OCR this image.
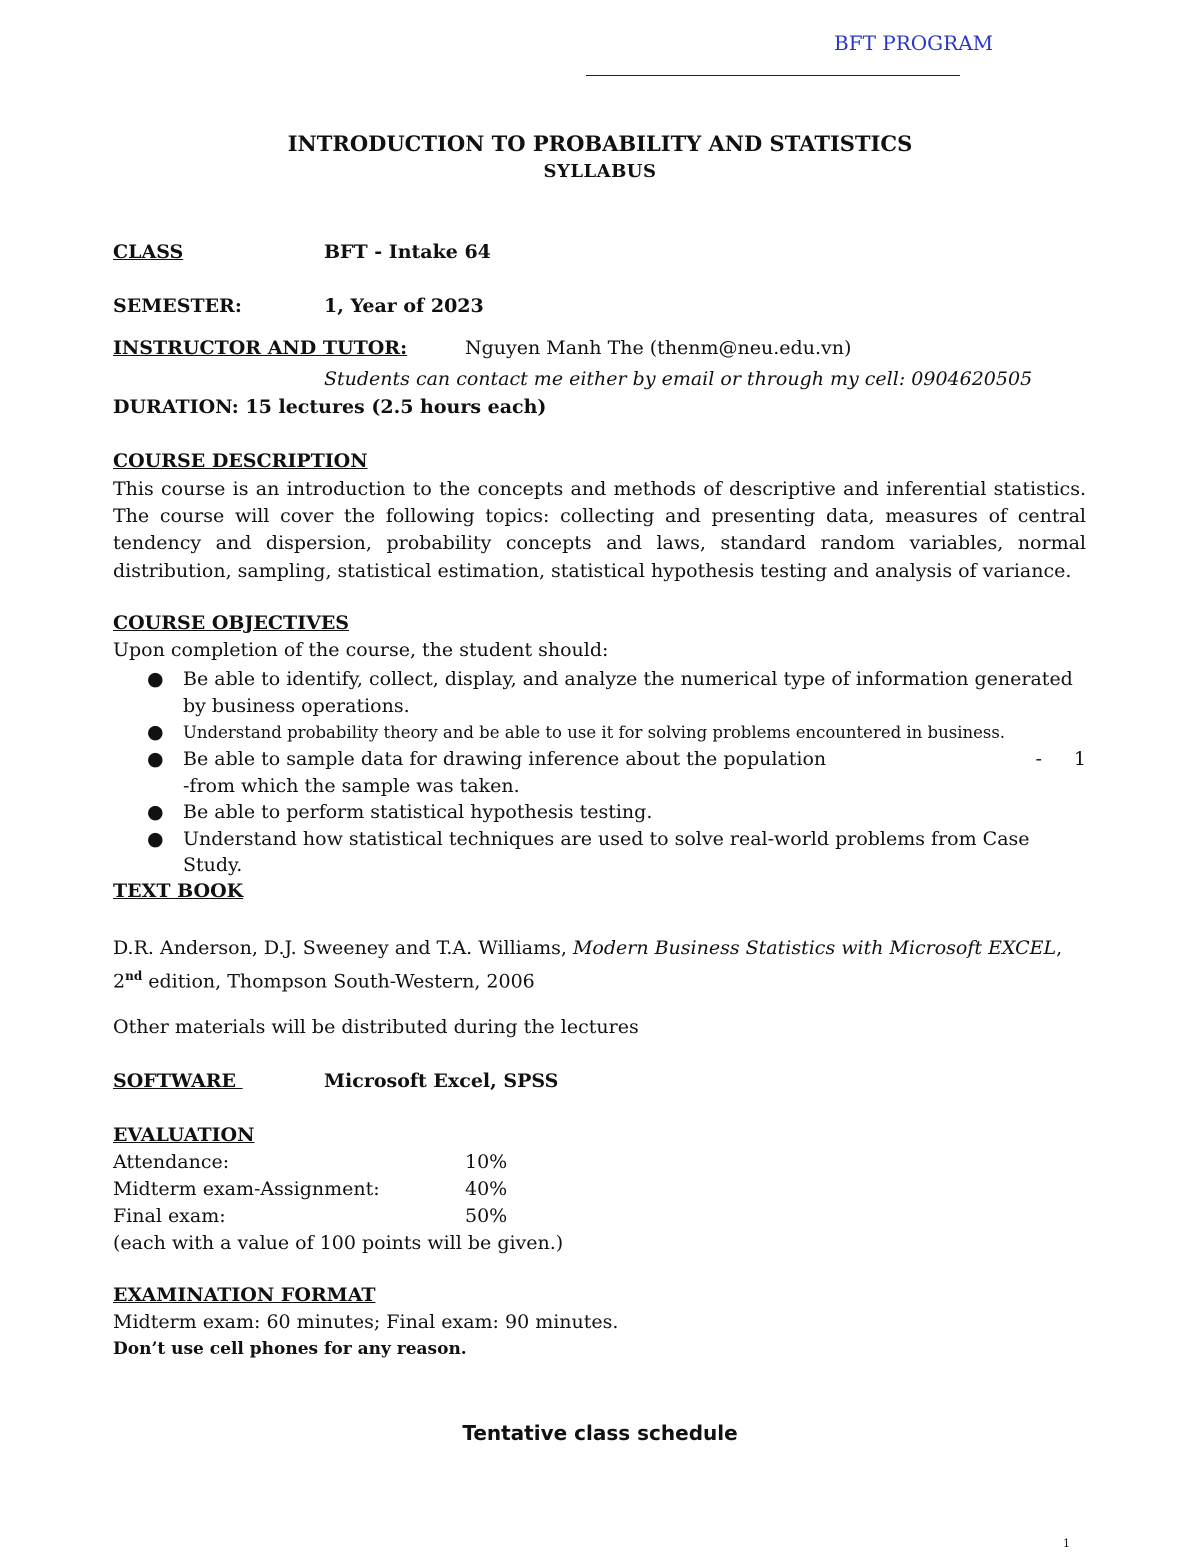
BFT PROGRAM
INTRODUCTION TO PROBABILITY AND STATISTICS
SYLLABUS
CLASS	BFT - Intake 64
SEMESTER:	1, Year of 2023
INSTRUCTOR AND TUTOR:	Nguyen Manh The (thenm@neu.edu.vn)
Students can contact me either by email or through my cell: 0904620505
DURATION: 15 lectures (2.5 hours each)
COURSE DESCRIPTION
This course is an introduction to the concepts and methods of descriptive and inferential statistics. The course will cover the following topics: collecting and presenting data, measures of central tendency and dispersion, probability concepts and laws, standard random variables, normal distribution, sampling, statistical estimation, statistical hypothesis testing and analysis of variance.
COURSE OBJECTIVES
Upon completion of the course, the student should:
● Be able to identify, collect, display, and analyze the numerical type of information generated by business operations.
● Understand probability theory and be able to use it for solving problems encountered in business.
● Be able to sample data for drawing inference about the population	- 1

-from which the sample was taken.
● Be able to perform statistical hypothesis testing.
● Understand how statistical techniques are used to solve real-world problems from Case Study.
TEXT BOOK
D.R. Anderson, D.J. Sweeney and T.A. Williams, Modern Business Statistics with Microsoft EXCEL,
2nd edition, Thompson South-Western, 2006
Other materials will be distributed during the lectures
SOFTWARE	Microsoft Excel, SPSS
EVALUATION
Attendance:	10%
Midterm exam-Assignment:	40%
Final exam:	50%
(each with a value of 100 points will be given.)
EXAMINATION FORMAT
Midterm exam: 60 minutes; Final exam: 90 minutes.
Don’t use cell phones for any reason.
Tentative class schedule
1
